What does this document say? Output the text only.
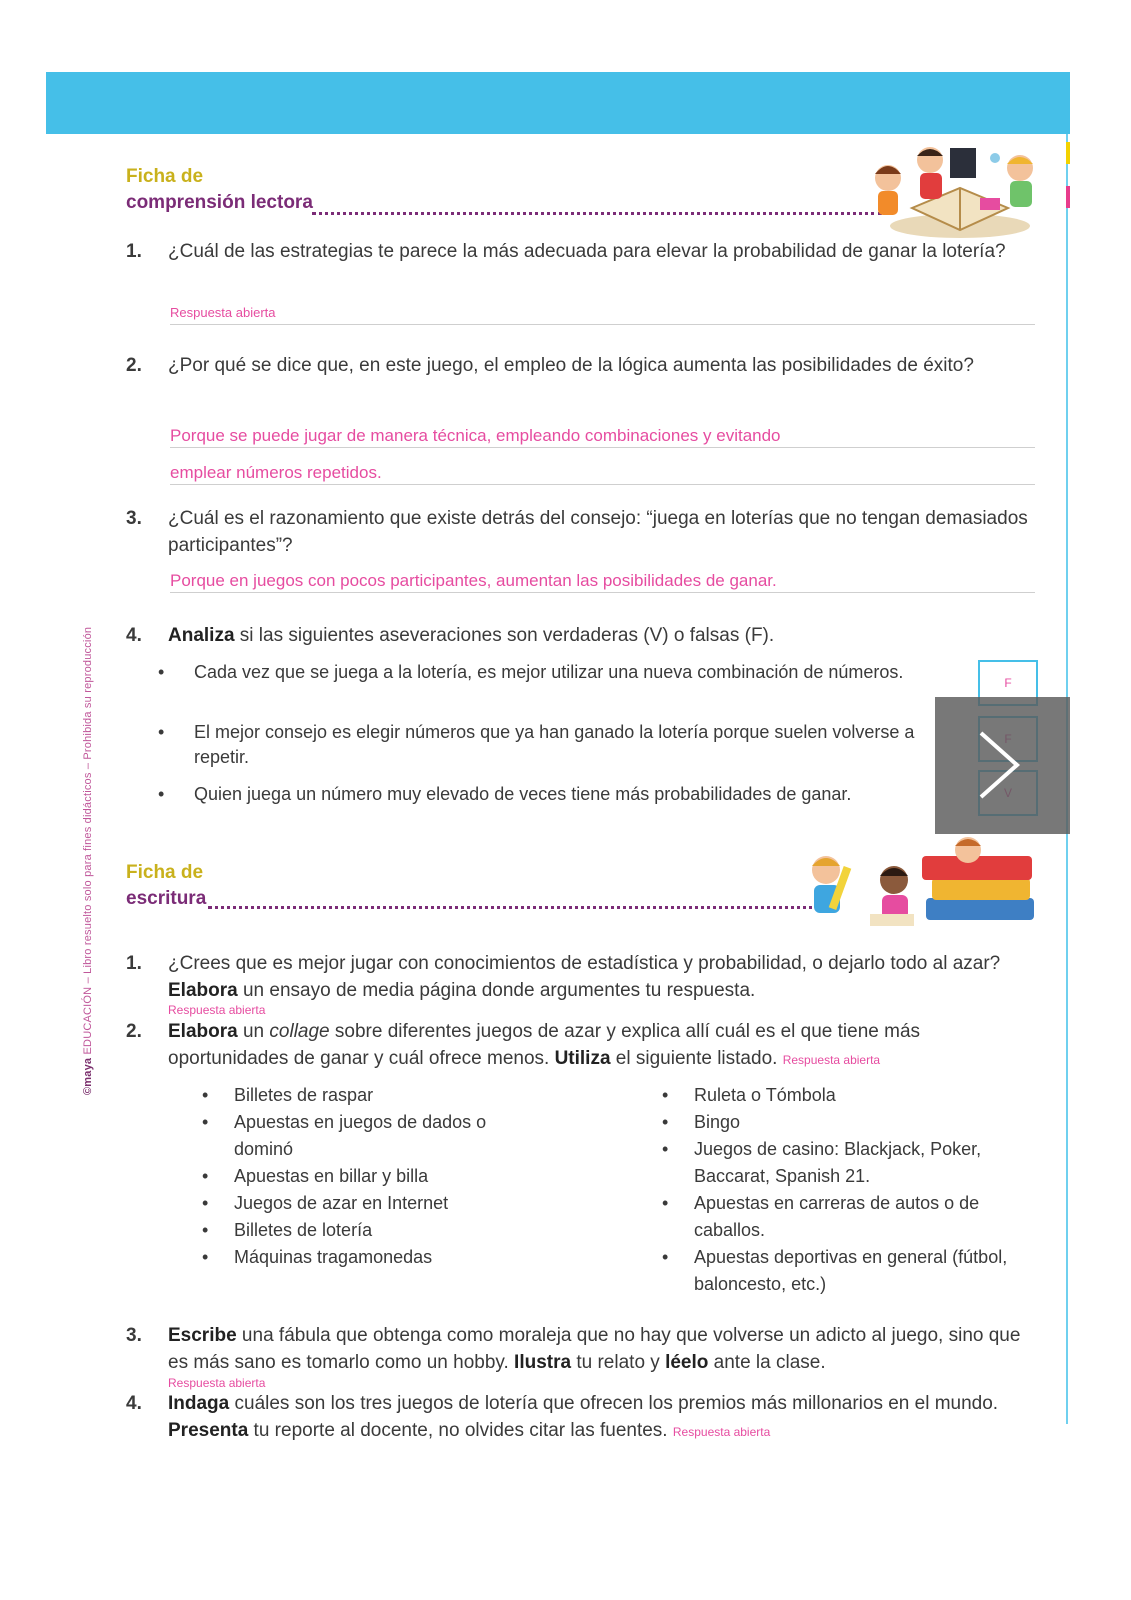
©maya EDUCACIÓN – Libro resuelto solo para fines didácticos – Prohibida su reproducción
Ficha de
comprensión lectora
1. ¿Cuál de las estrategias te parece la más adecuada para elevar la probabilidad de ganar la lotería?
Respuesta abierta
2. ¿Por qué se dice que, en este juego, el empleo de la lógica aumenta las posibilidades de éxito?
Porque se puede jugar de manera técnica, empleando combinaciones y evitando
emplear números repetidos.
3. ¿Cuál es el razonamiento que existe detrás del consejo: “juega en loterías que no tengan demasiados participantes”?
Porque en juegos con pocos participantes, aumentan las posibilidades de ganar.
4. Analiza si las siguientes aseveraciones son verdaderas (V) o falsas (F).
• Cada vez que se juega a la lotería, es mejor utilizar una nueva combinación de números.
F
• El mejor consejo es elegir números que ya han ganado la lotería porque suelen volverse a repetir.
• Quien juega un número muy elevado de veces tiene más probabilidades de ganar.
Ficha de
escritura
1. ¿Crees que es mejor jugar con conocimientos de estadística y probabilidad, o dejarlo todo al azar? Elabora un ensayo de media página donde argumentes tu respuesta.
Respuesta abierta
2. Elabora un collage sobre diferentes juegos de azar y explica allí cuál es el que tiene más oportunidades de ganar y cuál ofrece menos. Utiliza el siguiente listado. Respuesta abierta
• Billetes de raspar
• Apuestas en juegos de dados o dominó
• Apuestas en billar y billa
• Juegos de azar en Internet
• Billetes de lotería
• Máquinas tragamonedas
• Ruleta o Tómbola
• Bingo
• Juegos de casino: Blackjack, Poker, Baccarat, Spanish 21.
• Apuestas en carreras de autos o de caballos.
• Apuestas deportivas en general (fútbol, baloncesto, etc.)
3. Escribe una fábula que obtenga como moraleja que no hay que volverse un adicto al juego, sino que es más sano es tomarlo como un hobby. Ilustra tu relato y léelo ante la clase.
Respuesta abierta
4. Indaga cuáles son los tres juegos de lotería que ofrecen los premios más millonarios en el mundo. Presenta tu reporte al docente, no olvides citar las fuentes. Respuesta abierta
